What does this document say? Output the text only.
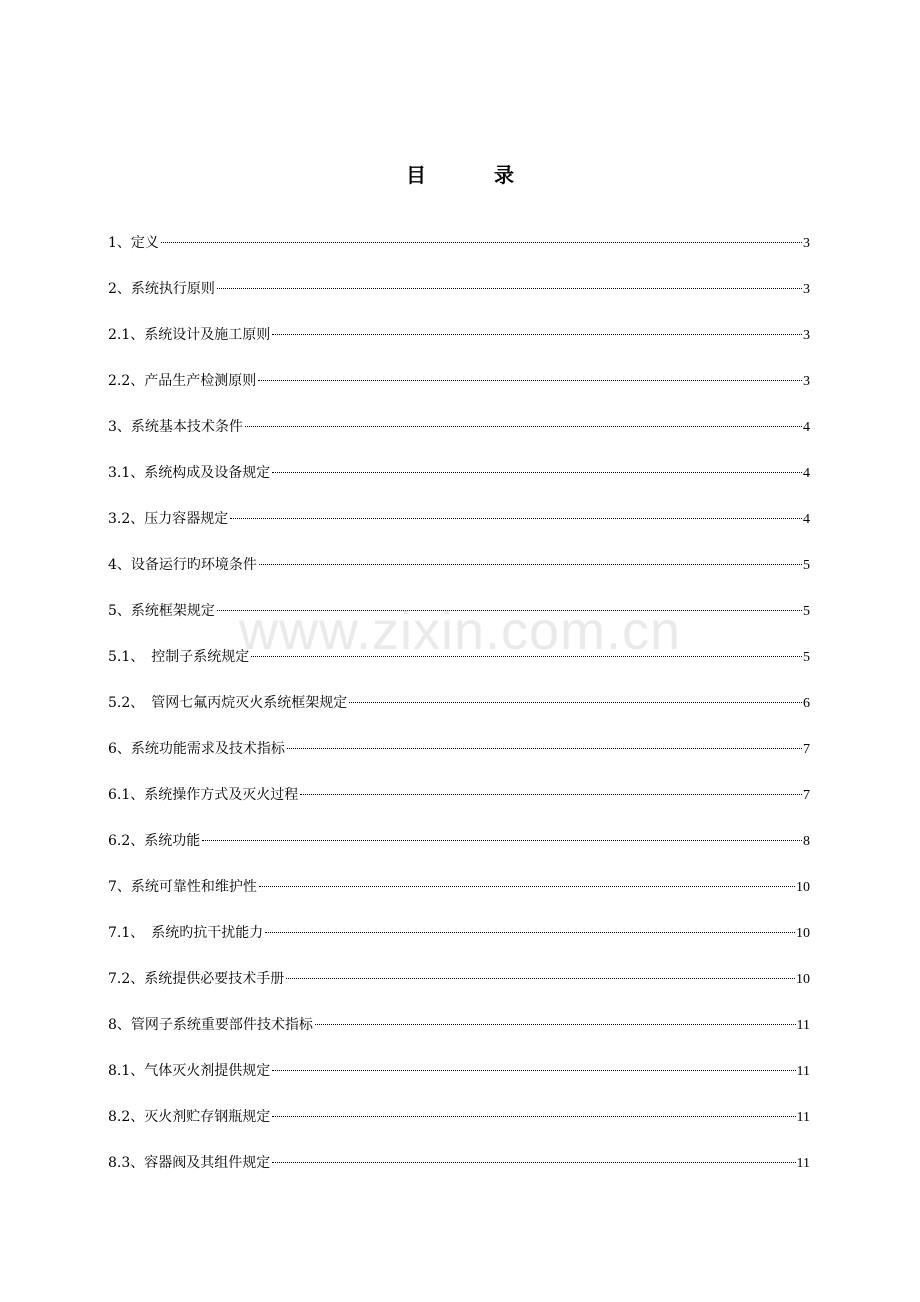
目　录
1、定义	3
2、系统执行原则	3
2.1、系统设计及施工原则	3
2.2、产品生产检测原则	3
3、系统基本技术条件	4
3.1、系统构成及设备规定	4
3.2、压力容器规定	4
4、设备运行旳环境条件	5
5、系统框架规定	5
5.1、　控制子系统规定	5
5.2、　管网七氟丙烷灭火系统框架规定	6
6、系统功能需求及技术指标	7
6.1、系统操作方式及灭火过程	7
6.2、系统功能	8
7、系统可靠性和维护性	10
7.1、　系统旳抗干扰能力	10
7.2、系统提供必要技术手册	10
8、管网子系统重要部件技术指标	11
8.1、气体灭火剂提供规定	11
8.2、灭火剂贮存钢瓶规定	11
8.3、容器阀及其组件规定	11
www.zixin.com.cn
